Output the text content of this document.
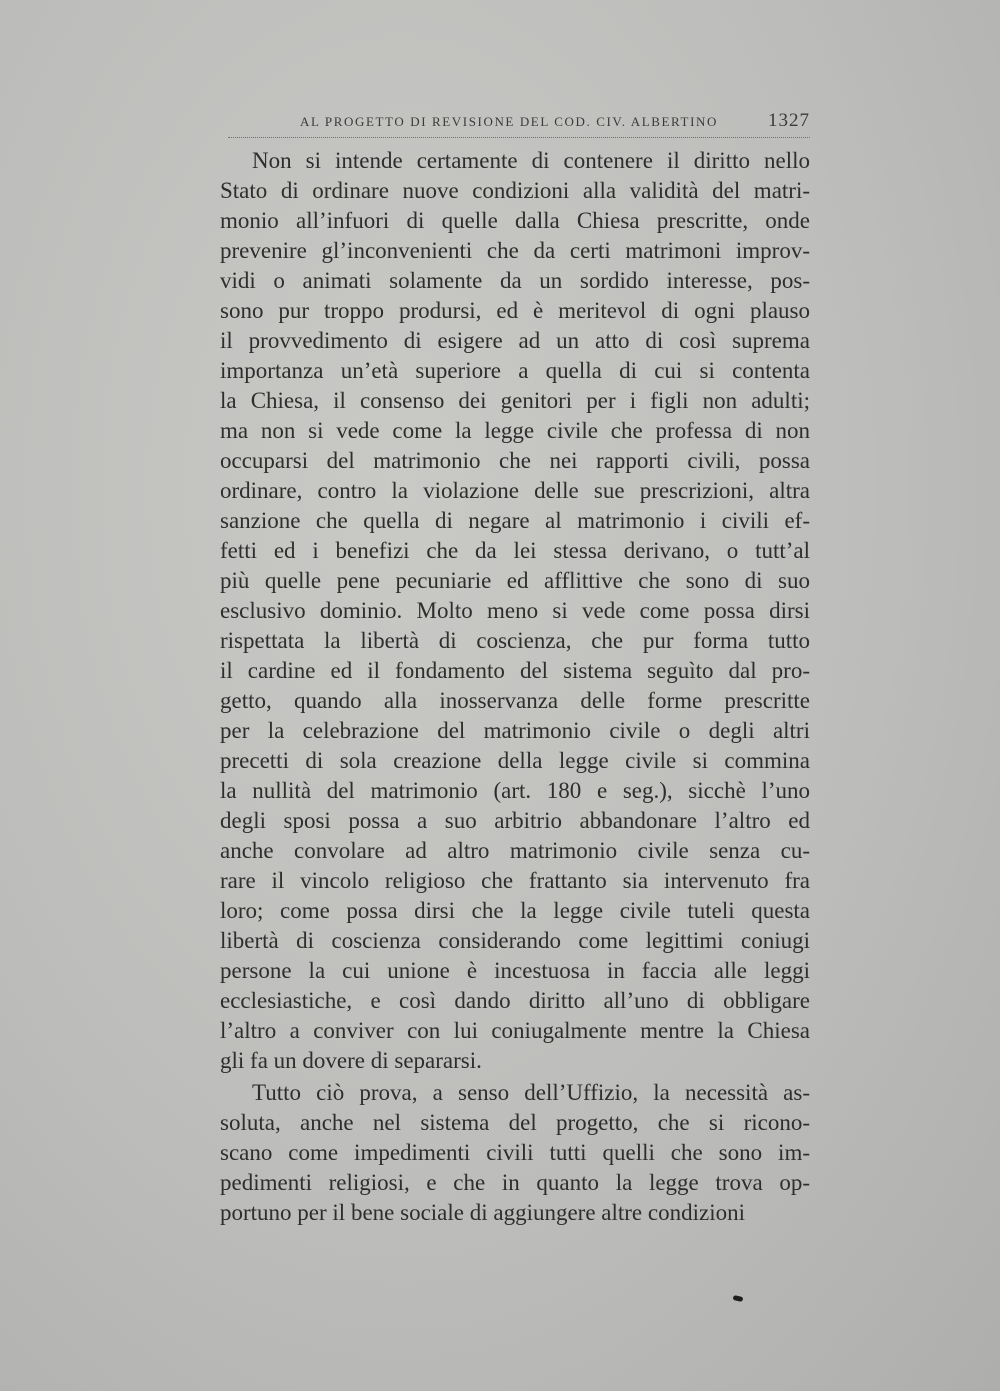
AL PROGETTO DI REVISIONE DEL COD. CIV. ALBERTINO	1327
Non si intende certamente di contenere il diritto nello
Stato di ordinare nuove condizioni alla validità del matri-
monio all’infuori di quelle dalla Chiesa prescritte, onde
prevenire gl’inconvenienti che da certi matrimoni improv-
vidi o animati solamente da un sordido interesse, pos-
sono pur troppo prodursi, ed è meritevol di ogni plauso
il provvedimento di esigere ad un atto di così suprema
importanza un’età superiore a quella di cui si contenta
la Chiesa, il consenso dei genitori per i figli non adulti;
ma non si vede come la legge civile che professa di non
occuparsi del matrimonio che nei rapporti civili, possa
ordinare, contro la violazione delle sue prescrizioni, altra
sanzione che quella di negare al matrimonio i civili ef-
fetti ed i benefizi che da lei stessa derivano, o tutt’al
più quelle pene pecuniarie ed afflittive che sono di suo
esclusivo dominio. Molto meno si vede come possa dirsi
rispettata la libertà di coscienza, che pur forma tutto
il cardine ed il fondamento del sistema seguìto dal pro-
getto, quando alla inosservanza delle forme prescritte
per la celebrazione del matrimonio civile o degli altri
precetti di sola creazione della legge civile si commina
la nullità del matrimonio (art. 180 e seg.), sicchè l’uno
degli sposi possa a suo arbitrio abbandonare l’altro ed
anche convolare ad altro matrimonio civile senza cu-
rare il vincolo religioso che frattanto sia intervenuto fra
loro; come possa dirsi che la legge civile tuteli questa
libertà di coscienza considerando come legittimi coniugi
persone la cui unione è incestuosa in faccia alle leggi
ecclesiastiche, e così dando diritto all’uno di obbligare
l’altro a conviver con lui coniugalmente mentre la Chiesa
gli fa un dovere di separarsi.
Tutto ciò prova, a senso dell’Uffizio, la necessità as-
soluta, anche nel sistema del progetto, che si ricono-
scano come impedimenti civili tutti quelli che sono im-
pedimenti religiosi, e che in quanto la legge trova op-
portuno per il bene sociale di aggiungere altre condizioni
